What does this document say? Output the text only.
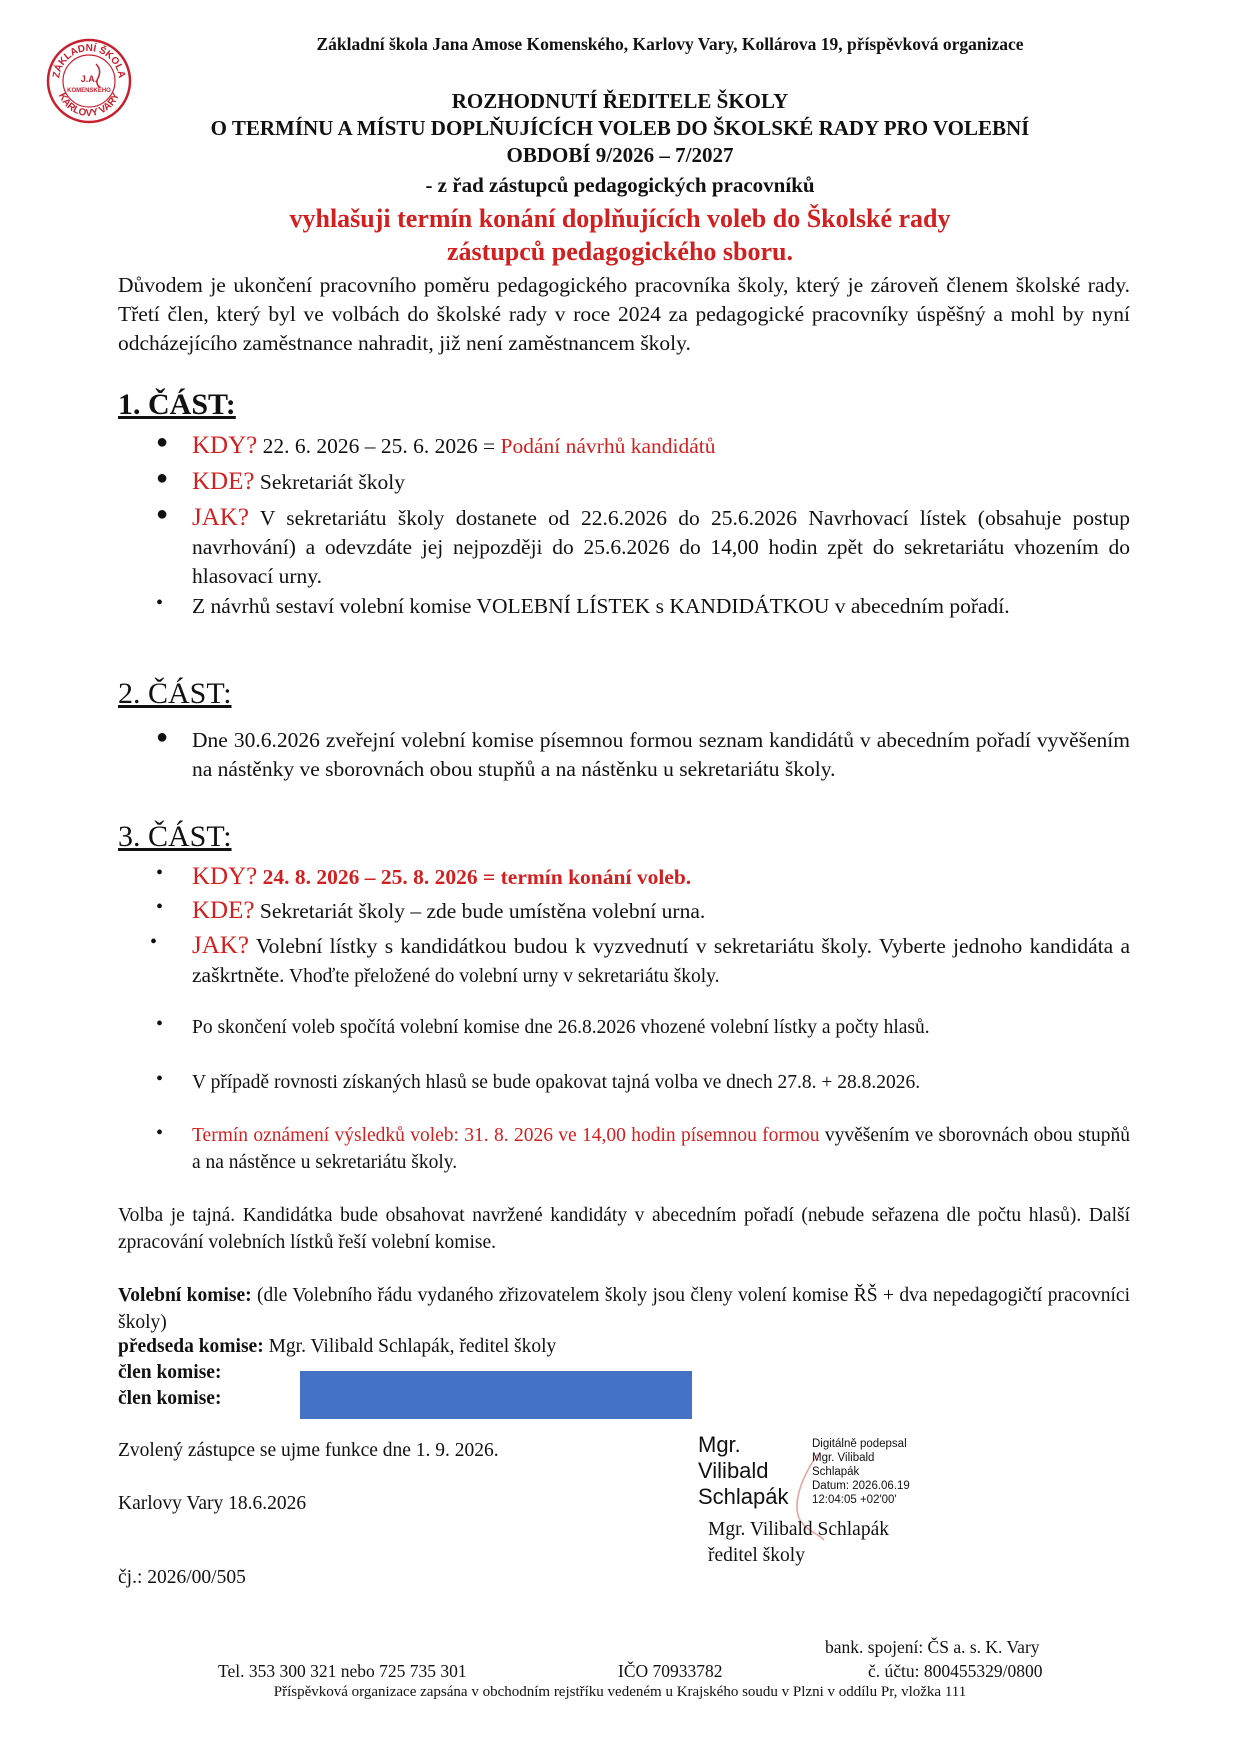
ZÁKLADNÍ ŠKOLA
KARLOVY VARY
J.A.
KOMENSKÉHO
Základní škola Jana Amose Komenského, Karlovy Vary, Kollárova 19, příspěvková organizace
ROZHODNUTÍ ŘEDITELE ŠKOLY
O TERMÍNU A MÍSTU DOPLŇUJÍCÍCH VOLEB DO ŠKOLSKÉ RADY PRO VOLEBNÍ
OBDOBÍ 9/2026 – 7/2027
- z řad zástupců pedagogických pracovníků
vyhlašuji termín konání doplňujících voleb do Školské rady
zástupců pedagogického sboru.
Důvodem je ukončení pracovního poměru pedagogického pracovníka školy, který je zároveň členem školské rady. Třetí člen, který byl ve volbách do školské rady v roce 2024 za pedagogické pracovníky úspěšný a mohl by nyní odcházejícího zaměstnance nahradit, již není zaměstnancem školy.
1. ČÁST:
● KDY? 22. 6. 2026 – 25. 6. 2026 = Podání návrhů kandidátů
● KDE? Sekretariát školy
● JAK? V sekretariátu školy dostanete od 22.6.2026 do 25.6.2026 Navrhovací lístek (obsahuje postup navrhování) a odevzdáte jej nejpozději do 25.6.2026 do 14,00 hodin zpět do sekretariátu vhozením do hlasovací urny.
• Z návrhů sestaví volební komise VOLEBNÍ LÍSTEK s KANDIDÁTKOU v abecedním pořadí.
2. ČÁST:
● Dne 30.6.2026 zveřejní volební komise písemnou formou seznam kandidátů v abecedním pořadí vyvěšením na nástěnky ve sborovnách obou stupňů a na nástěnku u sekretariátu školy.
3. ČÁST:
• KDY? 24. 8. 2026 – 25. 8. 2026 = termín konání voleb.
• KDE? Sekretariát školy – zde bude umístěna volební urna.
• JAK? Volební lístky s kandidátkou budou k vyzvednutí v sekretariátu školy. Vyberte jednoho kandidáta a zaškrtněte. Vhoďte přeložené do volební urny v sekretariátu školy.
• Po skončení voleb spočítá volební komise dne 26.8.2026 vhozené volební lístky a počty hlasů.
• V případě rovnosti získaných hlasů se bude opakovat tajná volba ve dnech 27.8. + 28.8.2026.
• Termín oznámení výsledků voleb: 31. 8. 2026 ve 14,00 hodin písemnou formou vyvěšením ve sborovnách obou stupňů a na nástěnce u sekretariátu školy.
Volba je tajná. Kandidátka bude obsahovat navržené kandidáty v abecedním pořadí (nebude seřazena dle počtu hlasů). Další zpracování volebních lístků řeší volební komise.
Volební komise: (dle Volebního řádu vydaného zřizovatelem školy jsou členy volení komise ŘŠ + dva nepedagogičtí pracovníci školy)
předseda komise: Mgr. Vilibald Schlapák, ředitel školy
člen komise:
člen komise:
Zvolený zástupce se ujme funkce dne 1. 9. 2026.
Karlovy Vary 18.6.2026
čj.: 2026/00/505
Mgr.
Vilibald
Schlapák
Digitálně podepsal
Mgr. Vilibald
Schlapák
Datum: 2026.06.19
12:04:05 +02'00'
Mgr. Vilibald Schlapák
ředitel školy
bank. spojení: ČS a. s. K. Vary
Tel. 353 300 321 nebo 725 735 301	IČO 70933782	č. účtu: 800455329/0800
Příspěvková organizace zapsána v obchodním rejstříku vedeném u Krajského soudu v Plzni v oddílu Pr, vložka 111
